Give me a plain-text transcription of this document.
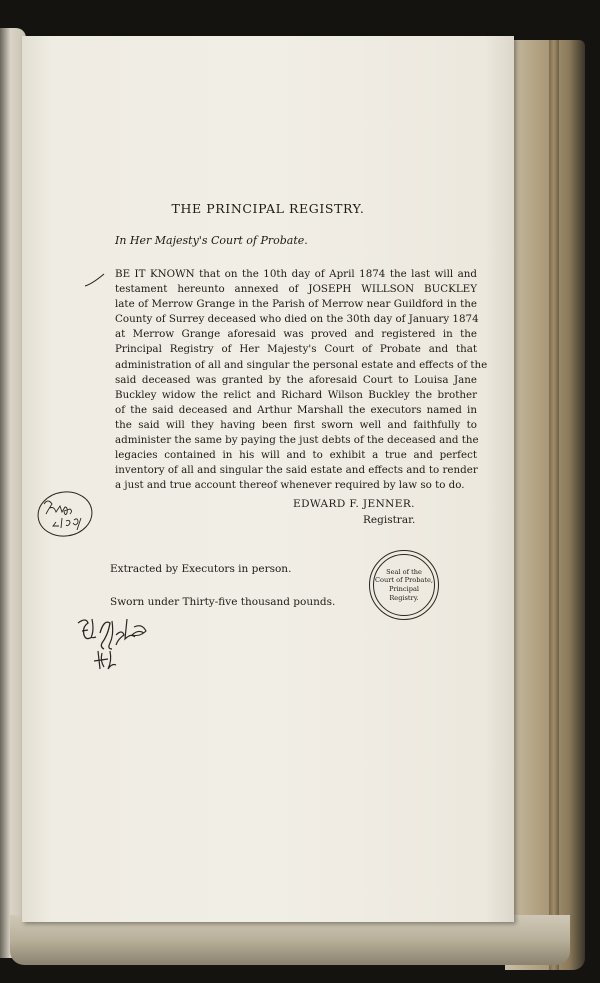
THE PRINCIPAL REGISTRY.
In Her Majesty's Court of Probate.
BE IT KNOWN that on the 10th day of April 1874 the last will and
testament hereunto annexed of JOSEPH WILLSON BUCKLEY
late of Merrow Grange in the Parish of Merrow near Guildford in the
County of Surrey deceased who died on the 30th day of January 1874
at Merrow Grange aforesaid was proved and registered in the
Principal Registry of Her Majesty's Court of Probate and that
administration of all and singular the personal estate and effects of the
said deceased was granted by the aforesaid Court to Louisa Jane
Buckley widow the relict and Richard Wilson Buckley the brother
of the said deceased and Arthur Marshall the executors named in
the said will they having been first sworn well and faithfully to
administer the same by paying the just debts of the deceased and the
legacies contained in his will and to exhibit a true and perfect
inventory of all and singular the said estate and effects and to render
a just and true account thereof whenever required by law so to do.
EDWARD F. JENNER.
Registrar.
Extracted by Executors in person.
Sworn under Thirty-five thousand pounds.
Seal of the
Court of Probate,
Principal Registry.
